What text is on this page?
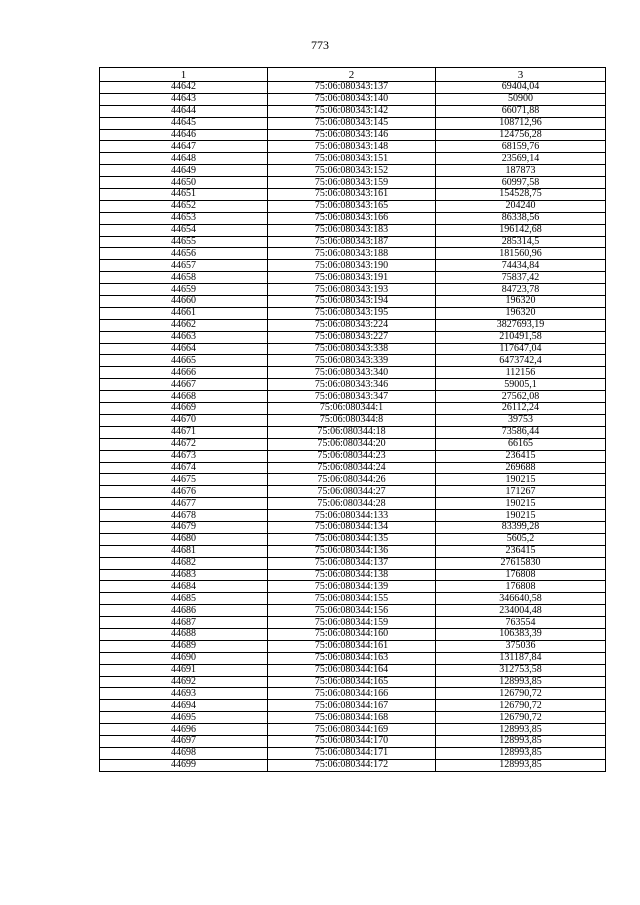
773
1	2	3
44642	75:06:080343:137	69404,04
44643	75:06:080343:140	50900
44644	75:06:080343:142	66071,88
44645	75:06:080343:145	108712,96
44646	75:06:080343:146	124756,28
44647	75:06:080343:148	68159,76
44648	75:06:080343:151	23569,14
44649	75:06:080343:152	187873
44650	75:06:080343:159	60997,58
44651	75:06:080343:161	154528,75
44652	75:06:080343:165	204240
44653	75:06:080343:166	86338,56
44654	75:06:080343:183	196142,68
44655	75:06:080343:187	285314,5
44656	75:06:080343:188	181560,96
44657	75:06:080343:190	74434,84
44658	75:06:080343:191	75837,42
44659	75:06:080343:193	84723,78
44660	75:06:080343:194	196320
44661	75:06:080343:195	196320
44662	75:06:080343:224	3827693,19
44663	75:06:080343:227	210491,58
44664	75:06:080343:338	117647,04
44665	75:06:080343:339	6473742,4
44666	75:06:080343:340	112156
44667	75:06:080343:346	59005,1
44668	75:06:080343:347	27562,08
44669	75:06:080344:1	26112,24
44670	75:06:080344:8	39753
44671	75:06:080344:18	73586,44
44672	75:06:080344:20	66165
44673	75:06:080344:23	236415
44674	75:06:080344:24	269688
44675	75:06:080344:26	190215
44676	75:06:080344:27	171267
44677	75:06:080344:28	190215
44678	75:06:080344:133	190215
44679	75:06:080344:134	83399,28
44680	75:06:080344:135	5605,2
44681	75:06:080344:136	236415
44682	75:06:080344:137	27615830
44683	75:06:080344:138	176808
44684	75:06:080344:139	176808
44685	75:06:080344:155	346640,58
44686	75:06:080344:156	234004,48
44687	75:06:080344:159	763554
44688	75:06:080344:160	106383,39
44689	75:06:080344:161	375036
44690	75:06:080344:163	131187,84
44691	75:06:080344:164	312753,58
44692	75:06:080344:165	128993,85
44693	75:06:080344:166	126790,72
44694	75:06:080344:167	126790,72
44695	75:06:080344:168	126790,72
44696	75:06:080344:169	128993,85
44697	75:06:080344:170	128993,85
44698	75:06:080344:171	128993,85
44699	75:06:080344:172	128993,85
